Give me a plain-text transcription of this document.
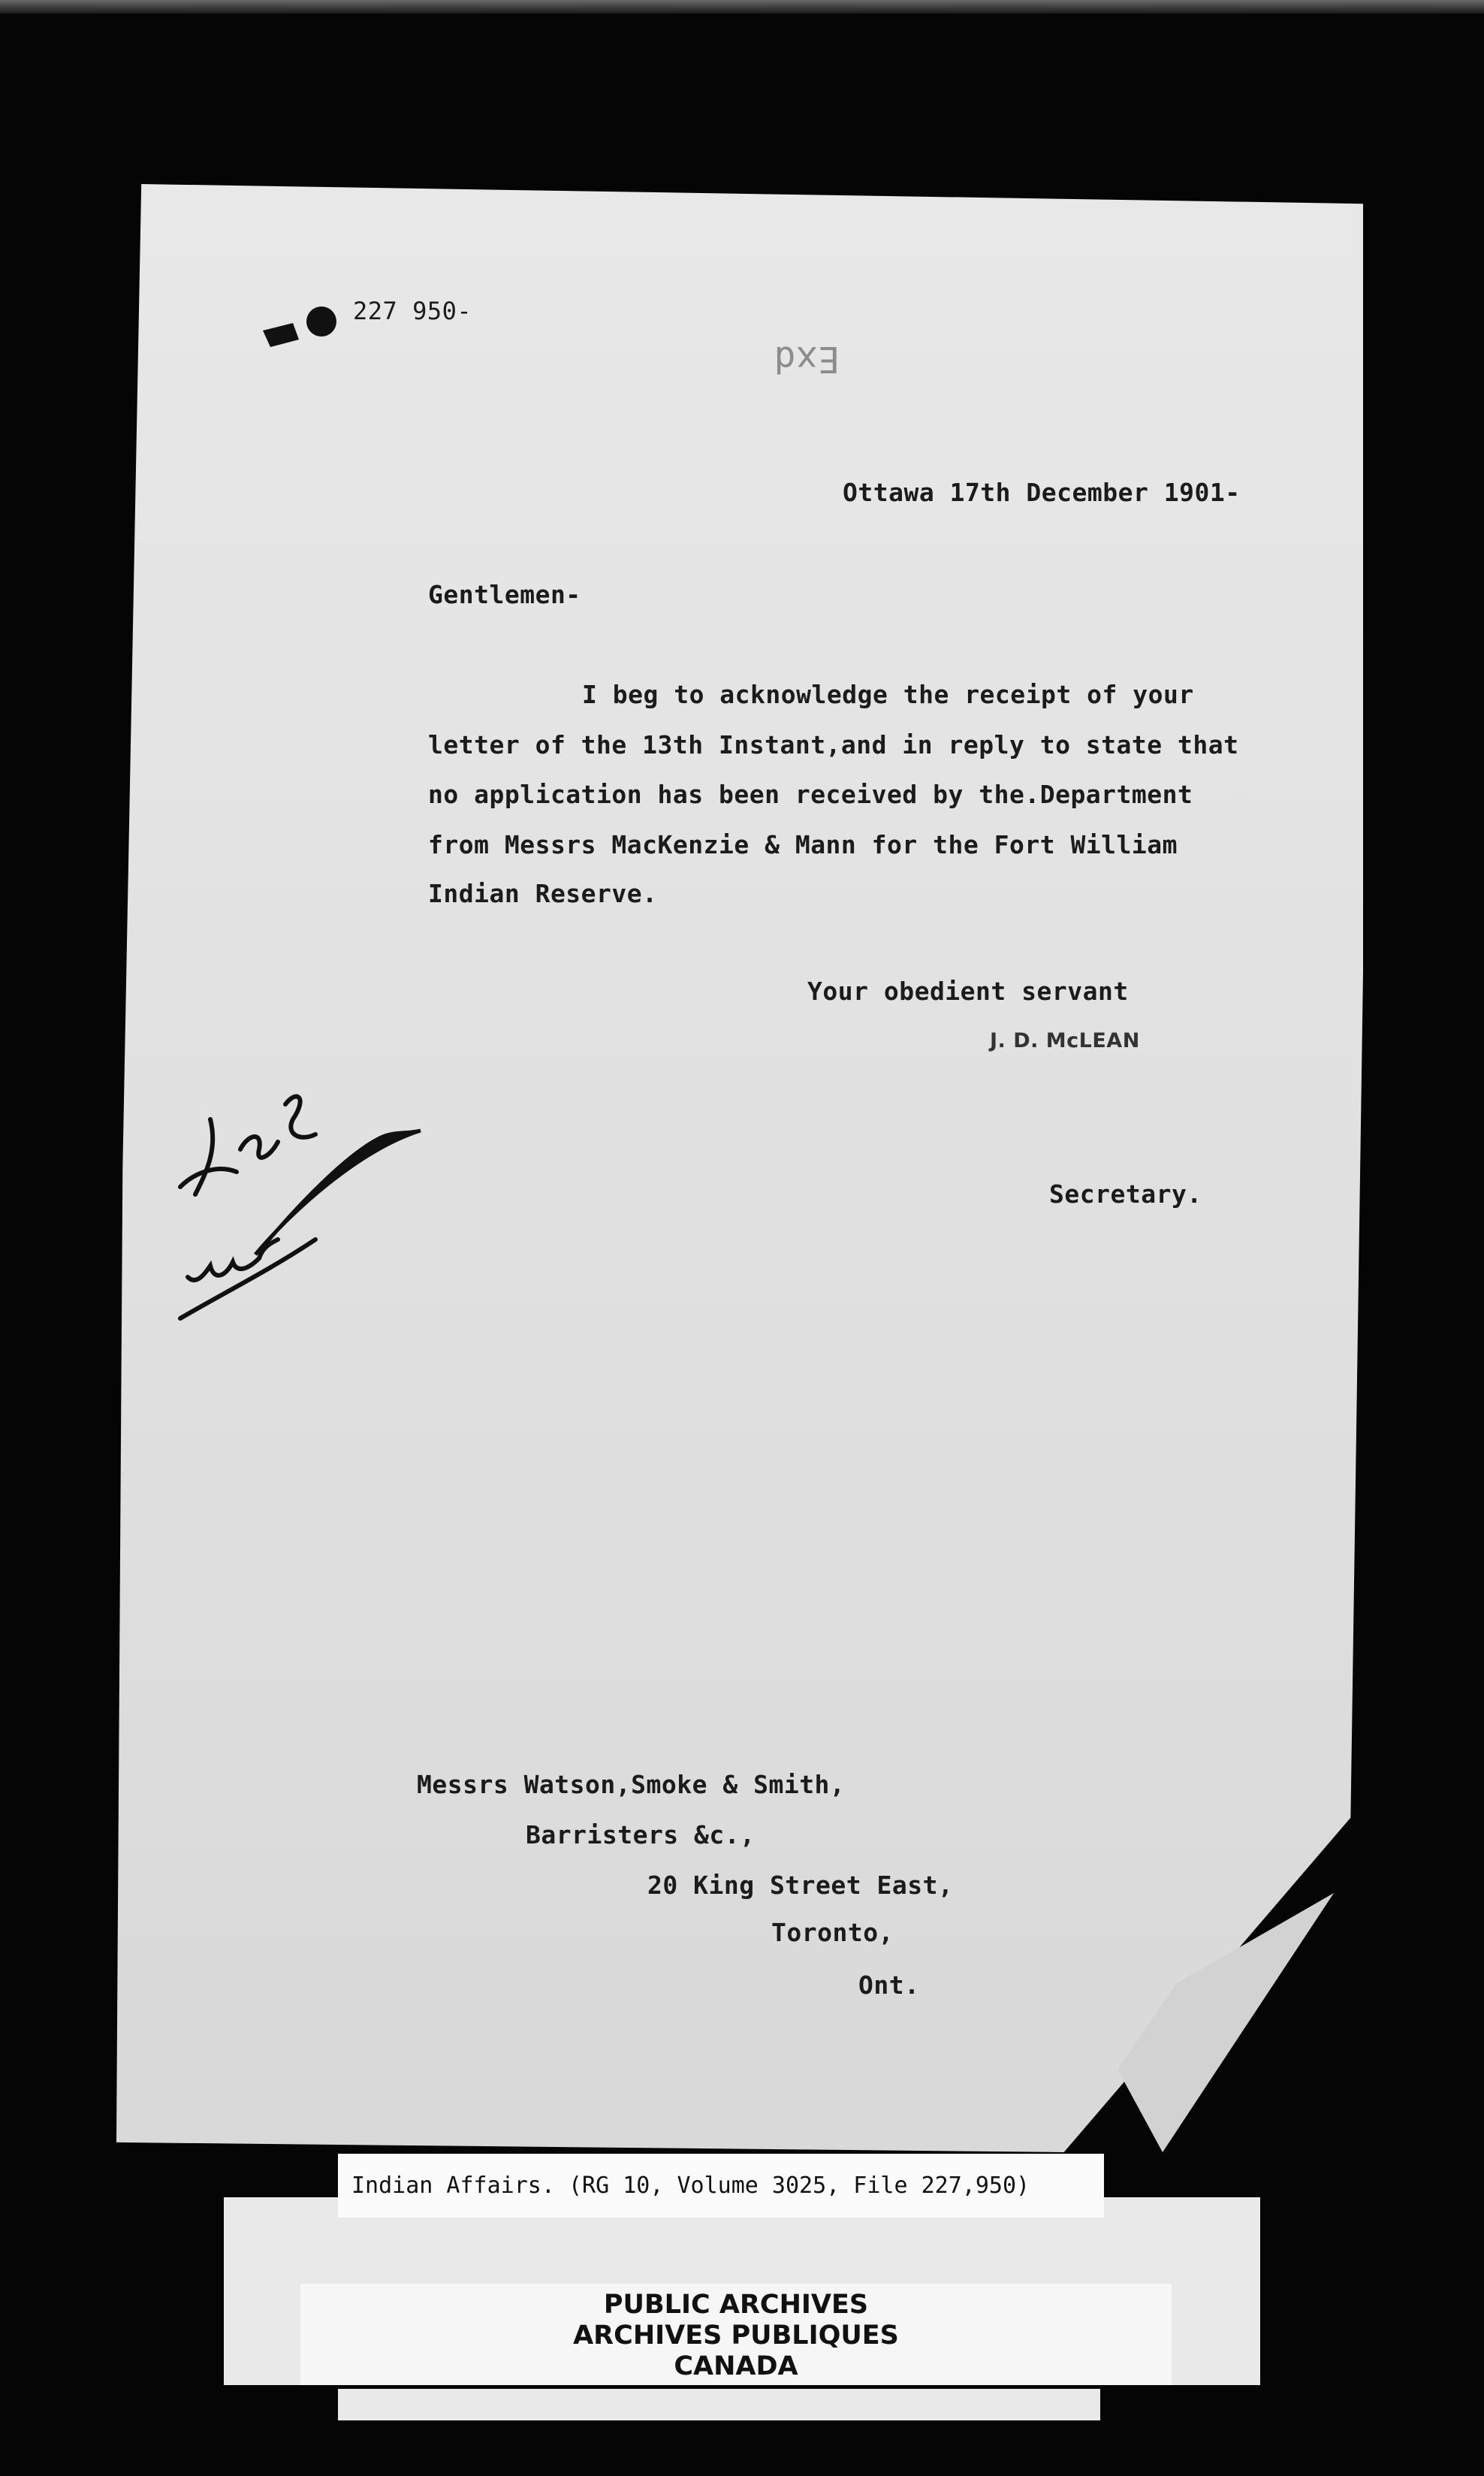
227 950-
Exd
Ottawa 17th December 1901-
Gentlemen-
I beg to acknowledge the receipt of your
letter of the 13th Instant,and in reply to state that
no application has been received by the.Department
from Messrs MacKenzie & Mann for the Fort William
Indian Reserve.
Your obedient servant
J. D. McLEAN
Secretary.
Messrs Watson,Smoke & Smith,
Barristers &c.,
20 King Street East,
Toronto,
Ont.
Indian Affairs. (RG 10, Volume 3025, File 227,950)
PUBLIC ARCHIVES
ARCHIVES PUBLIQUES
CANADA
